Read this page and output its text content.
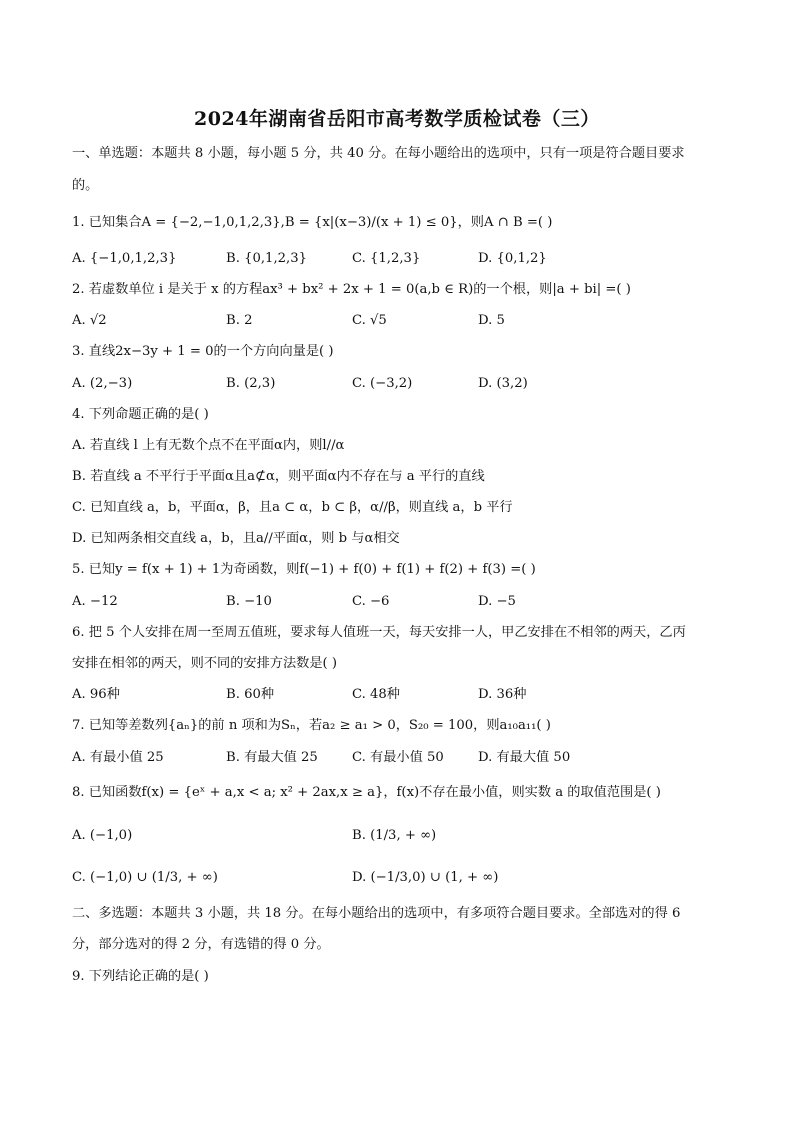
2024年湖南省岳阳市高考数学质检试卷（三）
一、单选题：本题共 8 小题，每小题 5 分，共 40 分。在每小题给出的选项中，只有一项是符合题目要求
的。
1. 已知集合A = {−2,−1,0,1,2,3},B = {x|(x−3)/(x + 1) ≤ 0}，则A ∩ B =( )
A. {−1,0,1,2,3}	B. {0,1,2,3}	C. {1,2,3}	D. {0,1,2}
2. 若虚数单位 i 是关于 x 的方程ax³ + bx² + 2x + 1 = 0(a,b ∈ R)的一个根，则|a + bi| =( )
A. √2	B. 2	C. √5	D. 5
3. 直线2x−3y + 1 = 0的一个方向向量是( )
A. (2,−3)	B. (2,3)	C. (−3,2)	D. (3,2)
4. 下列命题正确的是( )
A. 若直线 l 上有无数个点不在平面α内，则l//α
B. 若直线 a 不平行于平面α且a⊄α，则平面α内不存在与 a 平行的直线
C. 已知直线 a，b，平面α，β，且a ⊂ α，b ⊂ β，α//β，则直线 a，b 平行
D. 已知两条相交直线 a，b，且a//平面α，则 b 与α相交
5. 已知y = f(x + 1) + 1为奇函数，则f(−1) + f(0) + f(1) + f(2) + f(3) =( )
A. −12	B. −10	C. −6	D. −5
6. 把 5 个人安排在周一至周五值班，要求每人值班一天，每天安排一人，甲乙安排在不相邻的两天，乙丙
安排在相邻的两天，则不同的安排方法数是( )
A. 96种	B. 60种	C. 48种	D. 36种
7. 已知等差数列{aₙ}的前 n 项和为Sₙ，若a₂ ≥ a₁ > 0，S₂₀ = 100，则a₁₀a₁₁( )
A. 有最小值 25	B. 有最大值 25	C. 有最小值 50	D. 有最大值 50
8. 已知函数f(x) = {eˣ + a,x < a; x² + 2ax,x ≥ a}，f(x)不存在最小值，则实数 a 的取值范围是( )
A. (−1,0)	B. (1/3, + ∞)
C. (−1,0) ∪ (1/3, + ∞)	D. (−1/3,0) ∪ (1, + ∞)
二、多选题：本题共 3 小题，共 18 分。在每小题给出的选项中，有多项符合题目要求。全部选对的得 6
分，部分选对的得 2 分，有选错的得 0 分。
9. 下列结论正确的是( )
